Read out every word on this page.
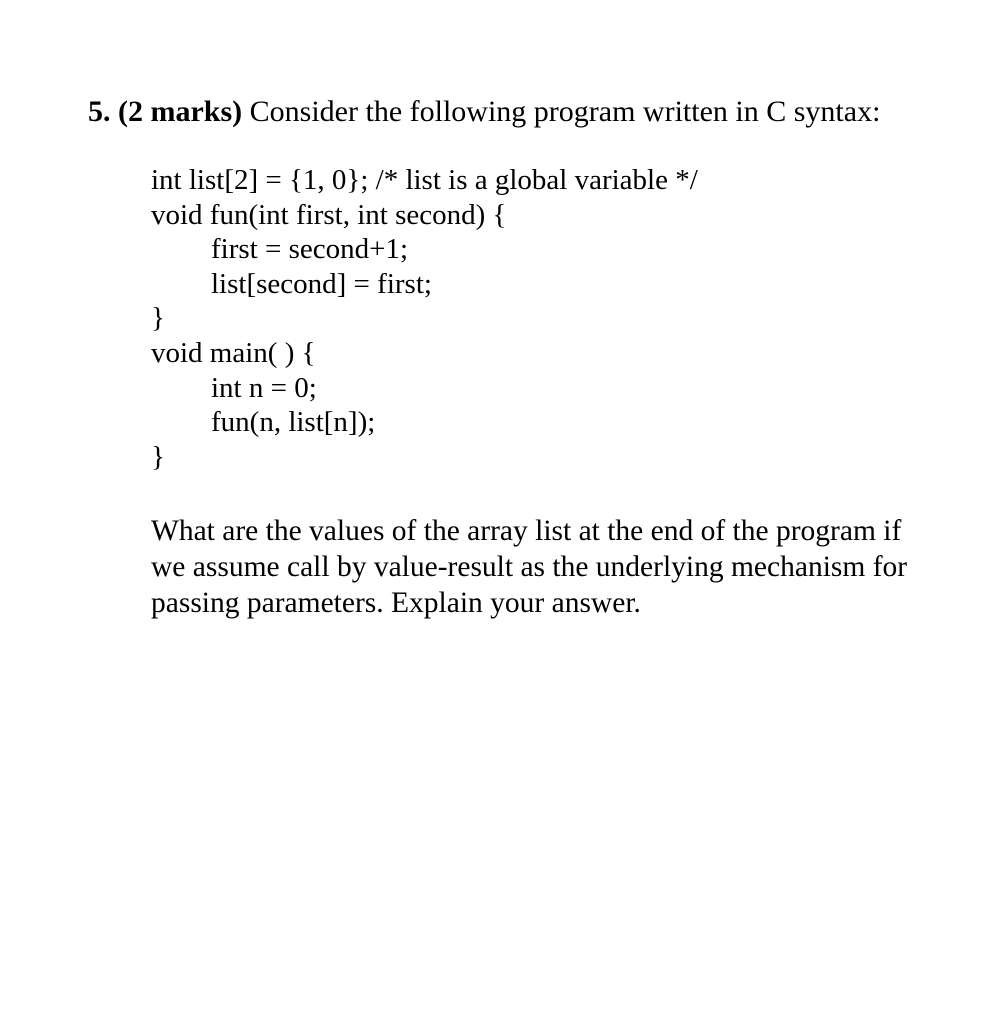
5. (2 marks) Consider the following program written in C syntax:
int list[2] = {1, 0}; /* list is a global variable */
void fun(int first, int second) {
first = second+1;
list[second] = first;
}
void main( ) {
int n = 0;
fun(n, list[n]);
}
What are the values of the array list at the end of the program if
we assume call by value-result as the underlying mechanism for
passing parameters. Explain your answer.
